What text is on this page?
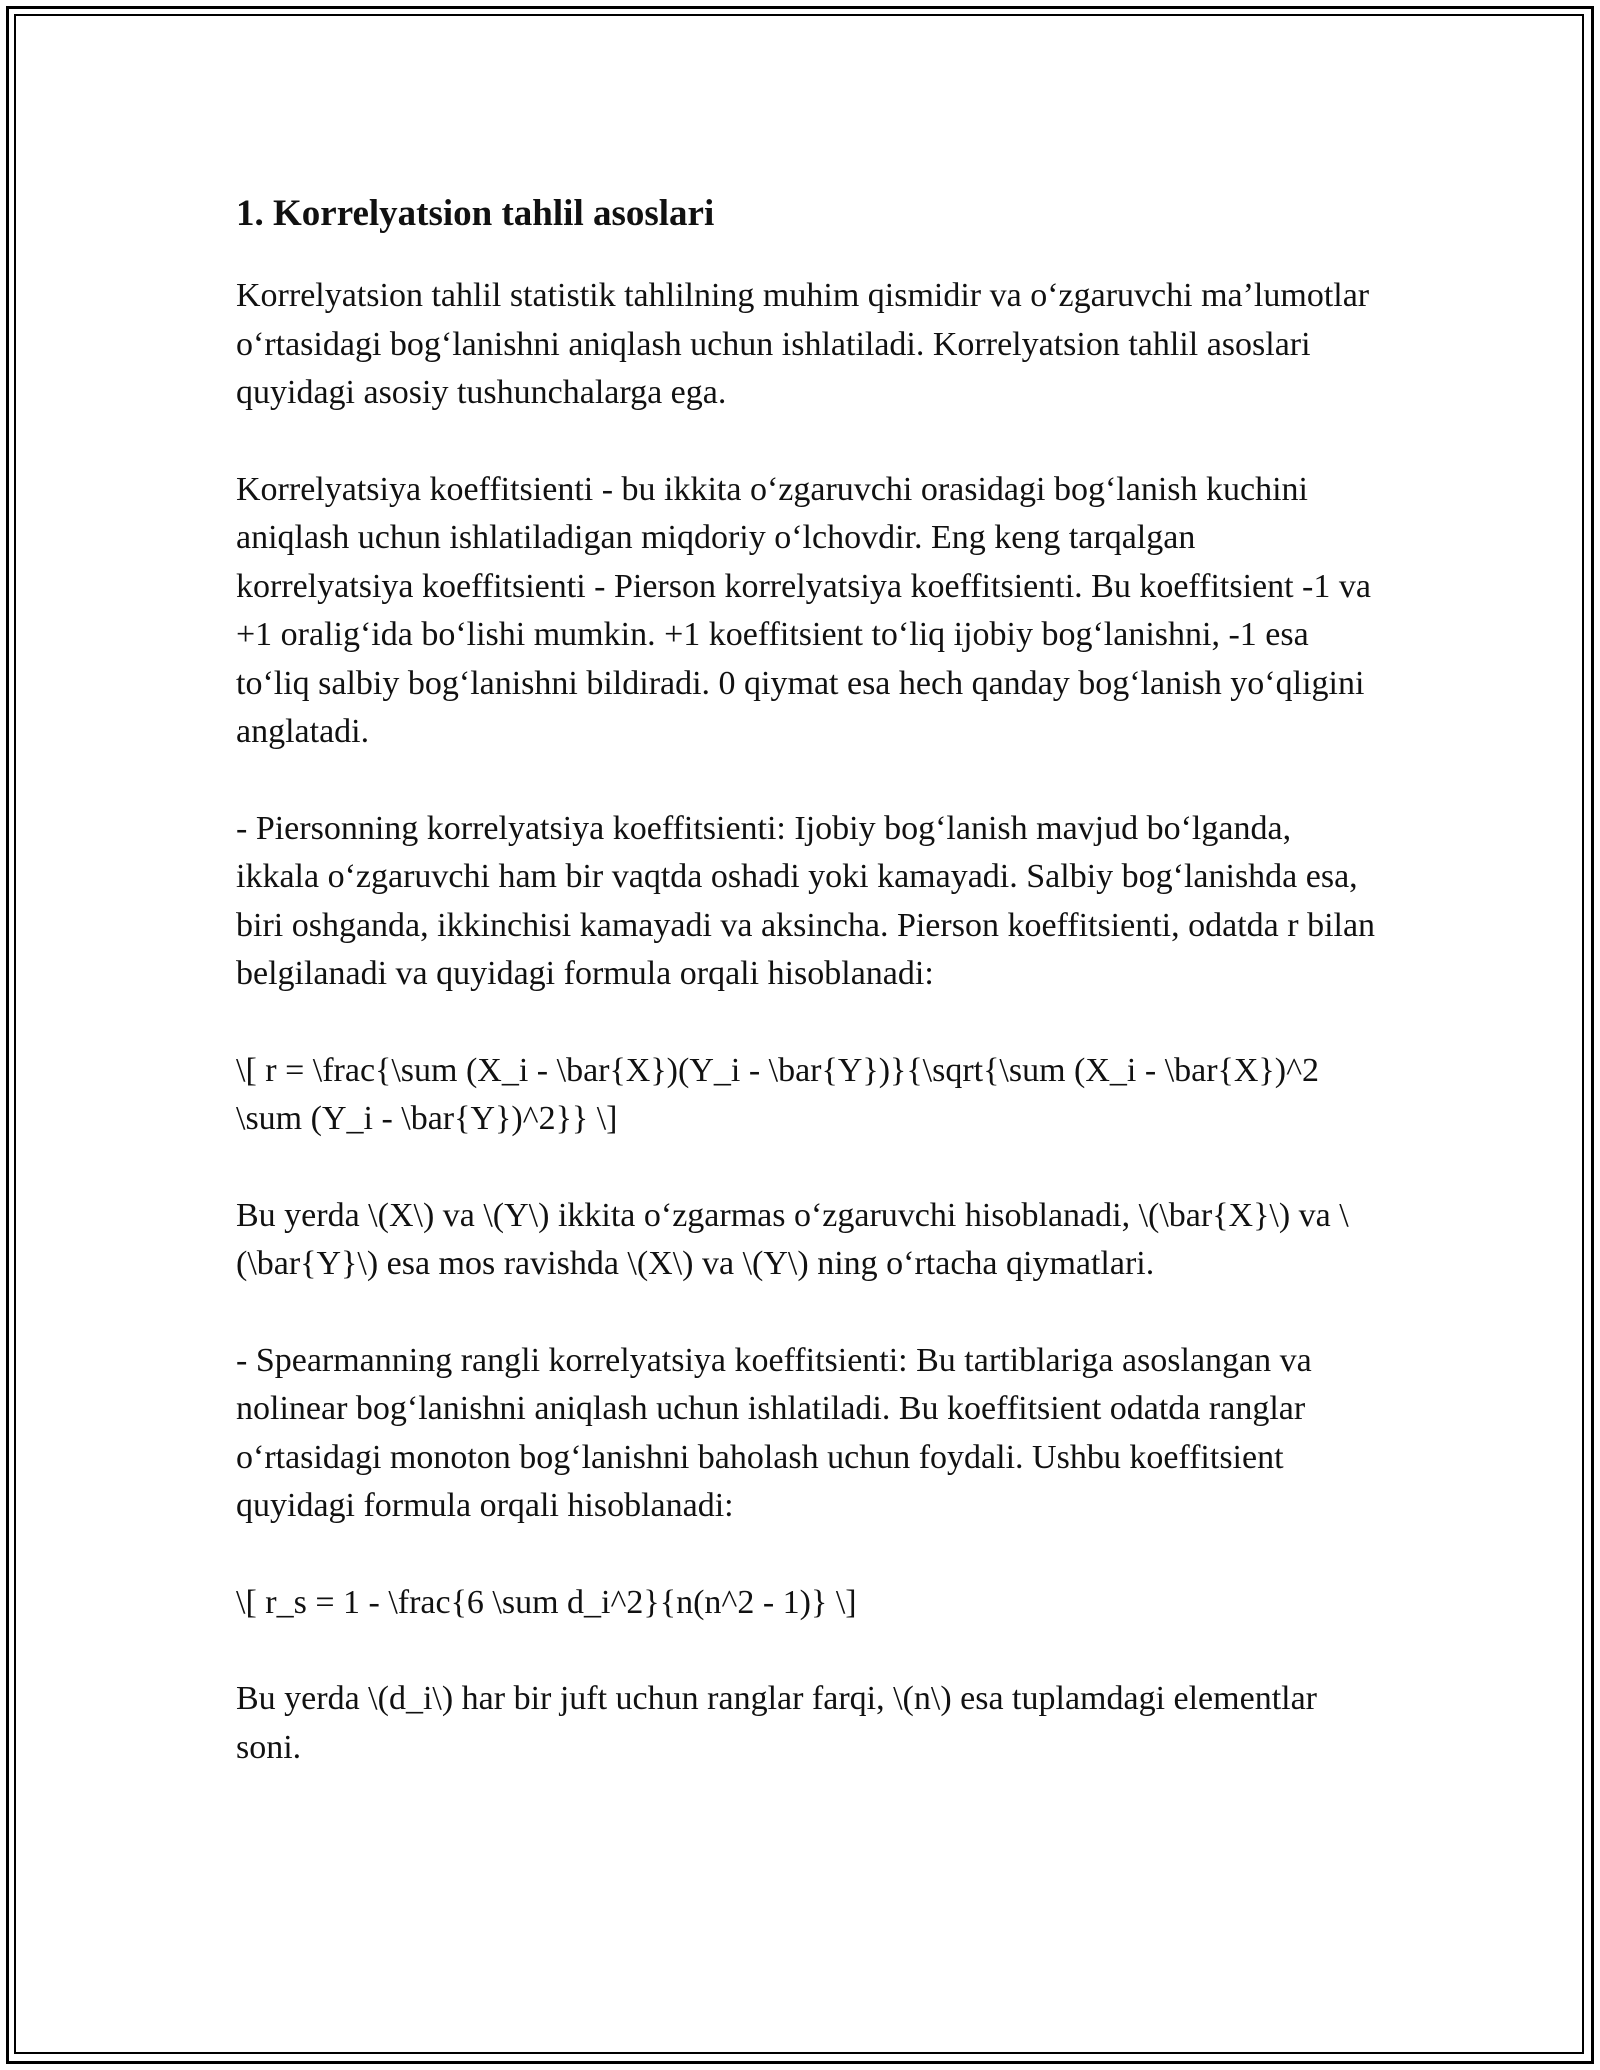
1. Korrelyatsion tahlil asoslari

Korrelyatsion tahlil statistik tahlilning muhim qismidir va o‘zgaruvchi ma’lumotlar o‘rtasidagi bog‘lanishni aniqlash uchun ishlatiladi. Korrelyatsion tahlil asoslari quyidagi asosiy tushunchalarga ega.

Korrelyatsiya koeffitsienti - bu ikkita o‘zgaruvchi orasidagi bog‘lanish kuchini aniqlash uchun ishlatiladigan miqdoriy o‘lchovdir. Eng keng tarqalgan korrelyatsiya koeffitsienti - Pierson korrelyatsiya koeffitsienti. Bu koeffitsient -1 va +1 oralig‘ida bo‘lishi mumkin. +1 koeffitsient to‘liq ijobiy bog‘lanishni, -1 esa to‘liq salbiy bog‘lanishni bildiradi. 0 qiymat esa hech qanday bog‘lanish yo‘qligini anglatadi.

- Piersonning korrelyatsiya koeffitsienti: Ijobiy bog‘lanish mavjud bo‘lganda, ikkala o‘zgaruvchi ham bir vaqtda oshadi yoki kamayadi. Salbiy bog‘lanishda esa, biri oshganda, ikkinchisi kamayadi va aksincha. Pierson koeffitsienti, odatda r bilan belgilanadi va quyidagi formula orqali hisoblanadi:

\[ r = \frac{\sum (X_i - \bar{X})(Y_i - \bar{Y})}{\sqrt{\sum (X_i - \bar{X})^2 \sum (Y_i - \bar{Y})^2}} \]

Bu yerda \(X\) va \(Y\) ikkita o‘zgarmas o‘zgaruvchi hisoblanadi, \(\bar{X}\) va \(\bar{Y}\) esa mos ravishda \(X\) va \(Y\) ning o‘rtacha qiymatlari.

- Spearmanning rangli korrelyatsiya koeffitsienti: Bu tartiblariga asoslangan va nolinear bog‘lanishni aniqlash uchun ishlatiladi. Bu koeffitsient odatda ranglar o‘rtasidagi monoton bog‘lanishni baholash uchun foydali. Ushbu koeffitsient quyidagi formula orqali hisoblanadi:

\[ r_s = 1 - \frac{6 \sum d_i^2}{n(n^2 - 1)} \]

Bu yerda \(d_i\) har bir juft uchun ranglar farqi, \(n\) esa tuplamdagi elementlar soni.
